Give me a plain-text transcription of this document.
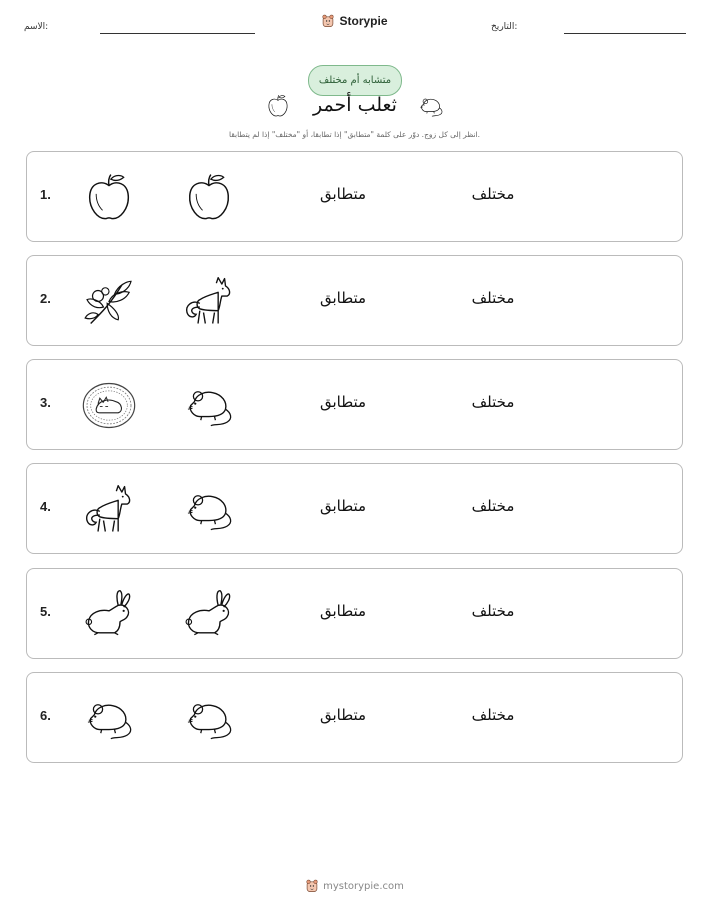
الاسم:	Storypie	التاريخ:
متشابه أم مختلف
ثعلب أحمر
انظر إلى كل زوج. دوّر على كلمة "متطابق" إذا تطابقا، أو "مختلف" إذا لم يتطابقا.
1.	متطابق	مختلف
2.	متطابق	مختلف
3.	متطابق	مختلف
4.	متطابق	مختلف
5.	متطابق	مختلف
6.	متطابق	مختلف
mystorypie.com
